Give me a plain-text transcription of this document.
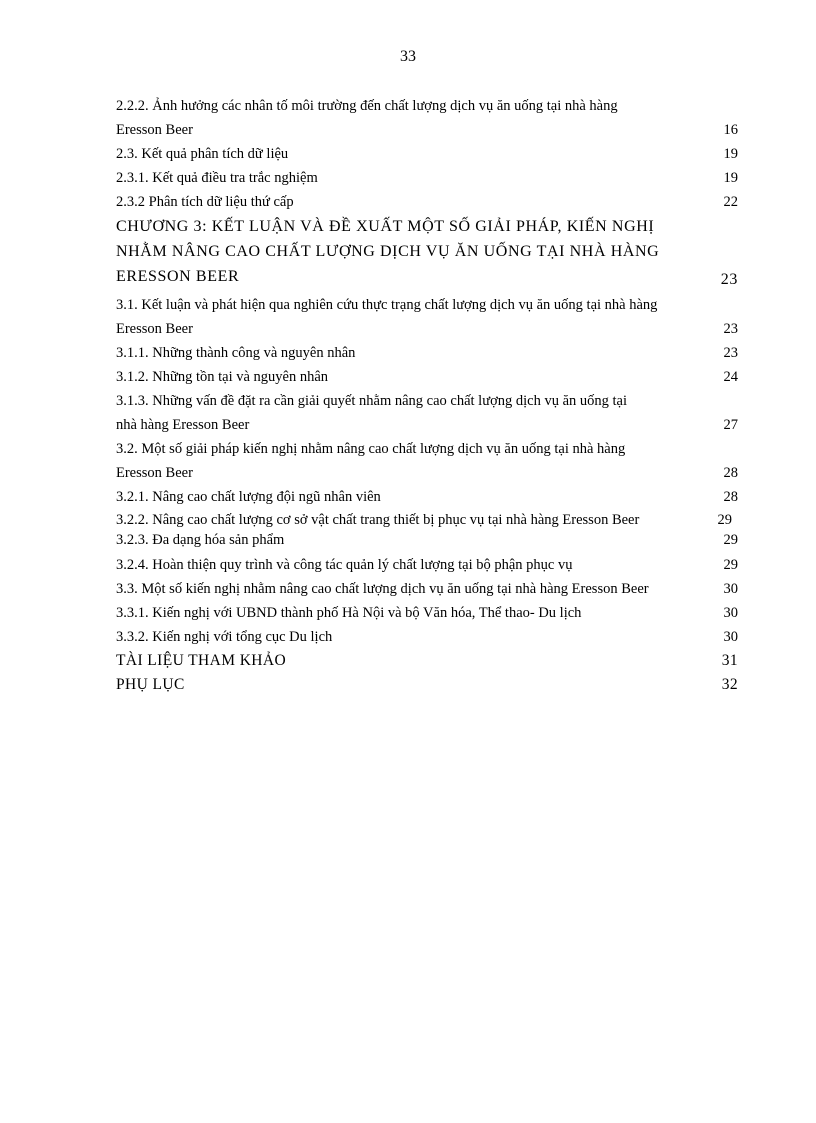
33
2.2.2. Ảnh hưởng các nhân tố môi trường đến chất lượng dịch vụ ăn uống tại nhà hàng
Eresson Beer	16
2.3. Kết quả phân tích dữ liệu	19
2.3.1. Kết quả điều tra trắc nghiệm	19
2.3.2 Phân tích dữ liệu thứ cấp	22
CHƯƠNG 3: KẾT LUẬN VÀ ĐỀ XUẤT MỘT SỐ GIẢI PHÁP, KIẾN NGHỊ
NHẰM NÂNG CAO CHẤT LƯỢNG DỊCH VỤ ĂN UỐNG TẠI NHÀ HÀNG
ERESSON BEER	23
3.1. Kết luận và phát hiện qua nghiên cứu thực trạng chất lượng dịch vụ ăn uống tại nhà hàng
Eresson Beer	23
3.1.1. Những thành công và nguyên nhân	23
3.1.2. Những tồn tại và nguyên nhân	24
3.1.3. Những vấn đề đặt ra cần giải quyết nhằm nâng cao chất lượng dịch vụ ăn uống tại
nhà hàng Eresson Beer	27
3.2. Một số giải pháp kiến nghị nhằm nâng cao chất lượng dịch vụ ăn uống tại nhà hàng
Eresson Beer	28
3.2.1. Nâng cao chất lượng đội ngũ nhân viên	28
3.2.2. Nâng cao chất lượng cơ sở vật chất trang thiết bị phục vụ tại nhà hàng Eresson Beer	29
3.2.3. Đa dạng hóa sản phẩm	29
3.2.4. Hoàn thiện quy trình và công tác quản lý chất lượng tại bộ phận phục vụ	29
3.3. Một số kiến nghị nhằm nâng cao chất lượng dịch vụ ăn uống tại nhà hàng Eresson Beer	30
3.3.1. Kiến nghị với UBND thành phố Hà Nội và bộ Văn hóa, Thể thao- Du lịch	30
3.3.2. Kiến nghị với tổng cục Du lịch	30
TÀI LIỆU THAM KHẢO	31
PHỤ LỤC	32
